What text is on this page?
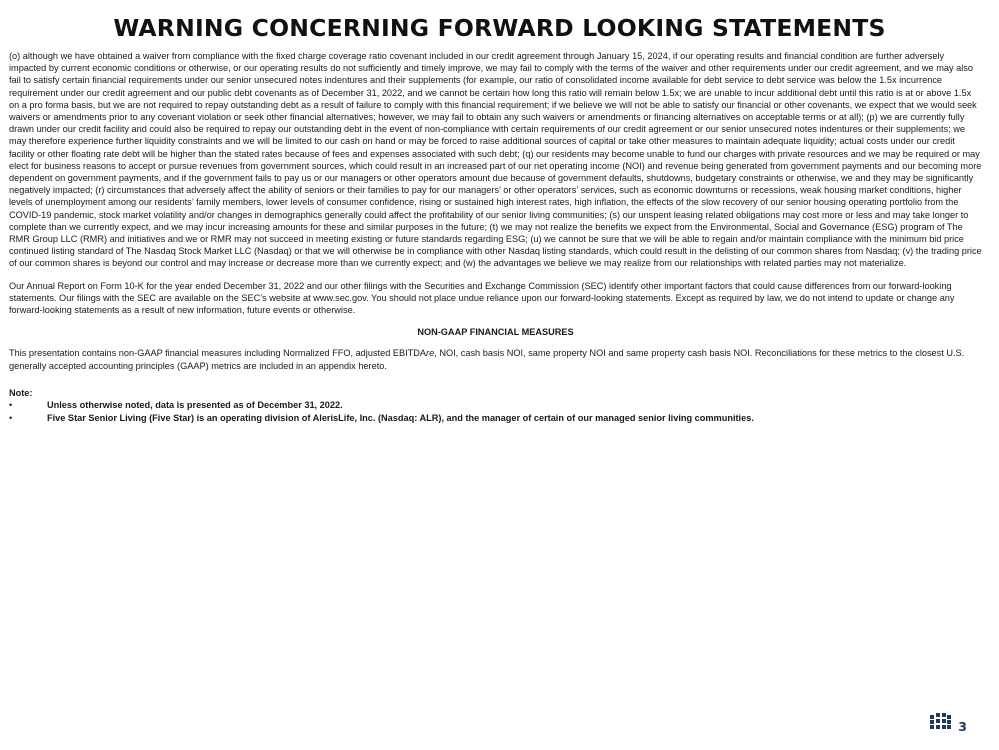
WARNING CONCERNING FORWARD LOOKING STATEMENTS

(o) although we have obtained a waiver from compliance with the fixed charge coverage ratio covenant included in our credit agreement through January 15, 2024, if our operating results and financial condition are further adversely impacted by current economic conditions or otherwise, or our operating results do not sufficiently and timely improve, we may fail to comply with the terms of the waiver and other requirements under our credit agreement, and we may also fail to satisfy certain financial requirements under our senior unsecured notes indentures and their supplements (for example, our ratio of consolidated income available for debt service to debt service was below the 1.5x incurrence requirement under our credit agreement and our public debt covenants as of December 31, 2022, and we cannot be certain how long this ratio will remain below 1.5x; we are unable to incur additional debt until this ratio is at or above 1.5x on a pro forma basis, but we are not required to repay outstanding debt as a result of failure to comply with this financial requirement; if we believe we will not be able to satisfy our financial or other covenants, we expect that we would seek waivers or amendments prior to any covenant violation or seek other financial alternatives; however, we may fail to obtain any such waivers or amendments or financing alternatives on acceptable terms or at all); (p) we are currently fully drawn under our credit facility and could also be required to repay our outstanding debt in the event of non-compliance with certain requirements of our credit agreement or our senior unsecured notes indentures or their supplements; we may therefore experience further liquidity constraints and we will be limited to our cash on hand or may be forced to raise additional sources of capital or take other measures to maintain adequate liquidity; actual costs under our credit facility or other floating rate debt will be higher than the stated rates because of fees and expenses associated with such debt; (q) our residents may become unable to fund our charges with private resources and we may be required or may elect for business reasons to accept or pursue revenues from government sources, which could result in an increased part of our net operating income (NOI) and revenue being generated from government payments and our becoming more dependent on government payments, and if the government fails to pay us or our managers or other operators amount due because of government defaults, shutdowns, budgetary constraints or otherwise, we and they may be significantly negatively impacted; (r) circumstances that adversely affect the ability of seniors or their families to pay for our managers’ or other operators’ services, such as economic downturns or recessions, weak housing market conditions, higher levels of unemployment among our residents’ family members, lower levels of consumer confidence, rising or sustained high interest rates, high inflation, the effects of the slow recovery of our senior housing operating portfolio from the COVID-19 pandemic, stock market volatility and/or changes in demographics generally could affect the profitability of our senior living communities; (s) our unspent leasing related obligations may cost more or less and may take longer to complete than we currently expect, and we may incur increasing amounts for these and similar purposes in the future; (t) we may not realize the benefits we expect from the Environmental, Social and Governance (ESG) program of The RMR Group LLC (RMR) and initiatives and we or RMR may not succeed in meeting existing or future standards regarding ESG; (u) we cannot be sure that we will be able to regain and/or maintain compliance with the minimum bid price continued listing standard of The Nasdaq Stock Market LLC (Nasdaq) or that we will otherwise be in compliance with other Nasdaq listing standards, which could result in the delisting of our common shares from Nasdaq; (v) the trading price of our common shares is beyond our control and may increase or decrease more than we currently expect; and (w) the advantages we believe we may realize from our relationships with related parties may not materialize.

Our Annual Report on Form 10-K for the year ended December 31, 2022 and our other filings with the Securities and Exchange Commission (SEC) identify other important factors that could cause differences from our forward-looking statements. Our filings with the SEC are available on the SEC’s website at www.sec.gov. You should not place undue reliance upon our forward-looking statements. Except as required by law, we do not intend to update or change any forward-looking statements as a result of new information, future events or otherwise.

NON-GAAP FINANCIAL MEASURES

This presentation contains non-GAAP financial measures including Normalized FFO, adjusted EBITDAre, NOI, cash basis NOI, same property NOI and same property cash basis NOI. Reconciliations for these metrics to the closest U.S. generally accepted accounting principles (GAAP) metrics are included in an appendix hereto.

Note:
•	Unless otherwise noted, data is presented as of December 31, 2022.
•	Five Star Senior Living (Five Star) is an operating division of AlerisLife, Inc. (Nasdaq: ALR), and the manager of certain of our managed senior living communities.
3
